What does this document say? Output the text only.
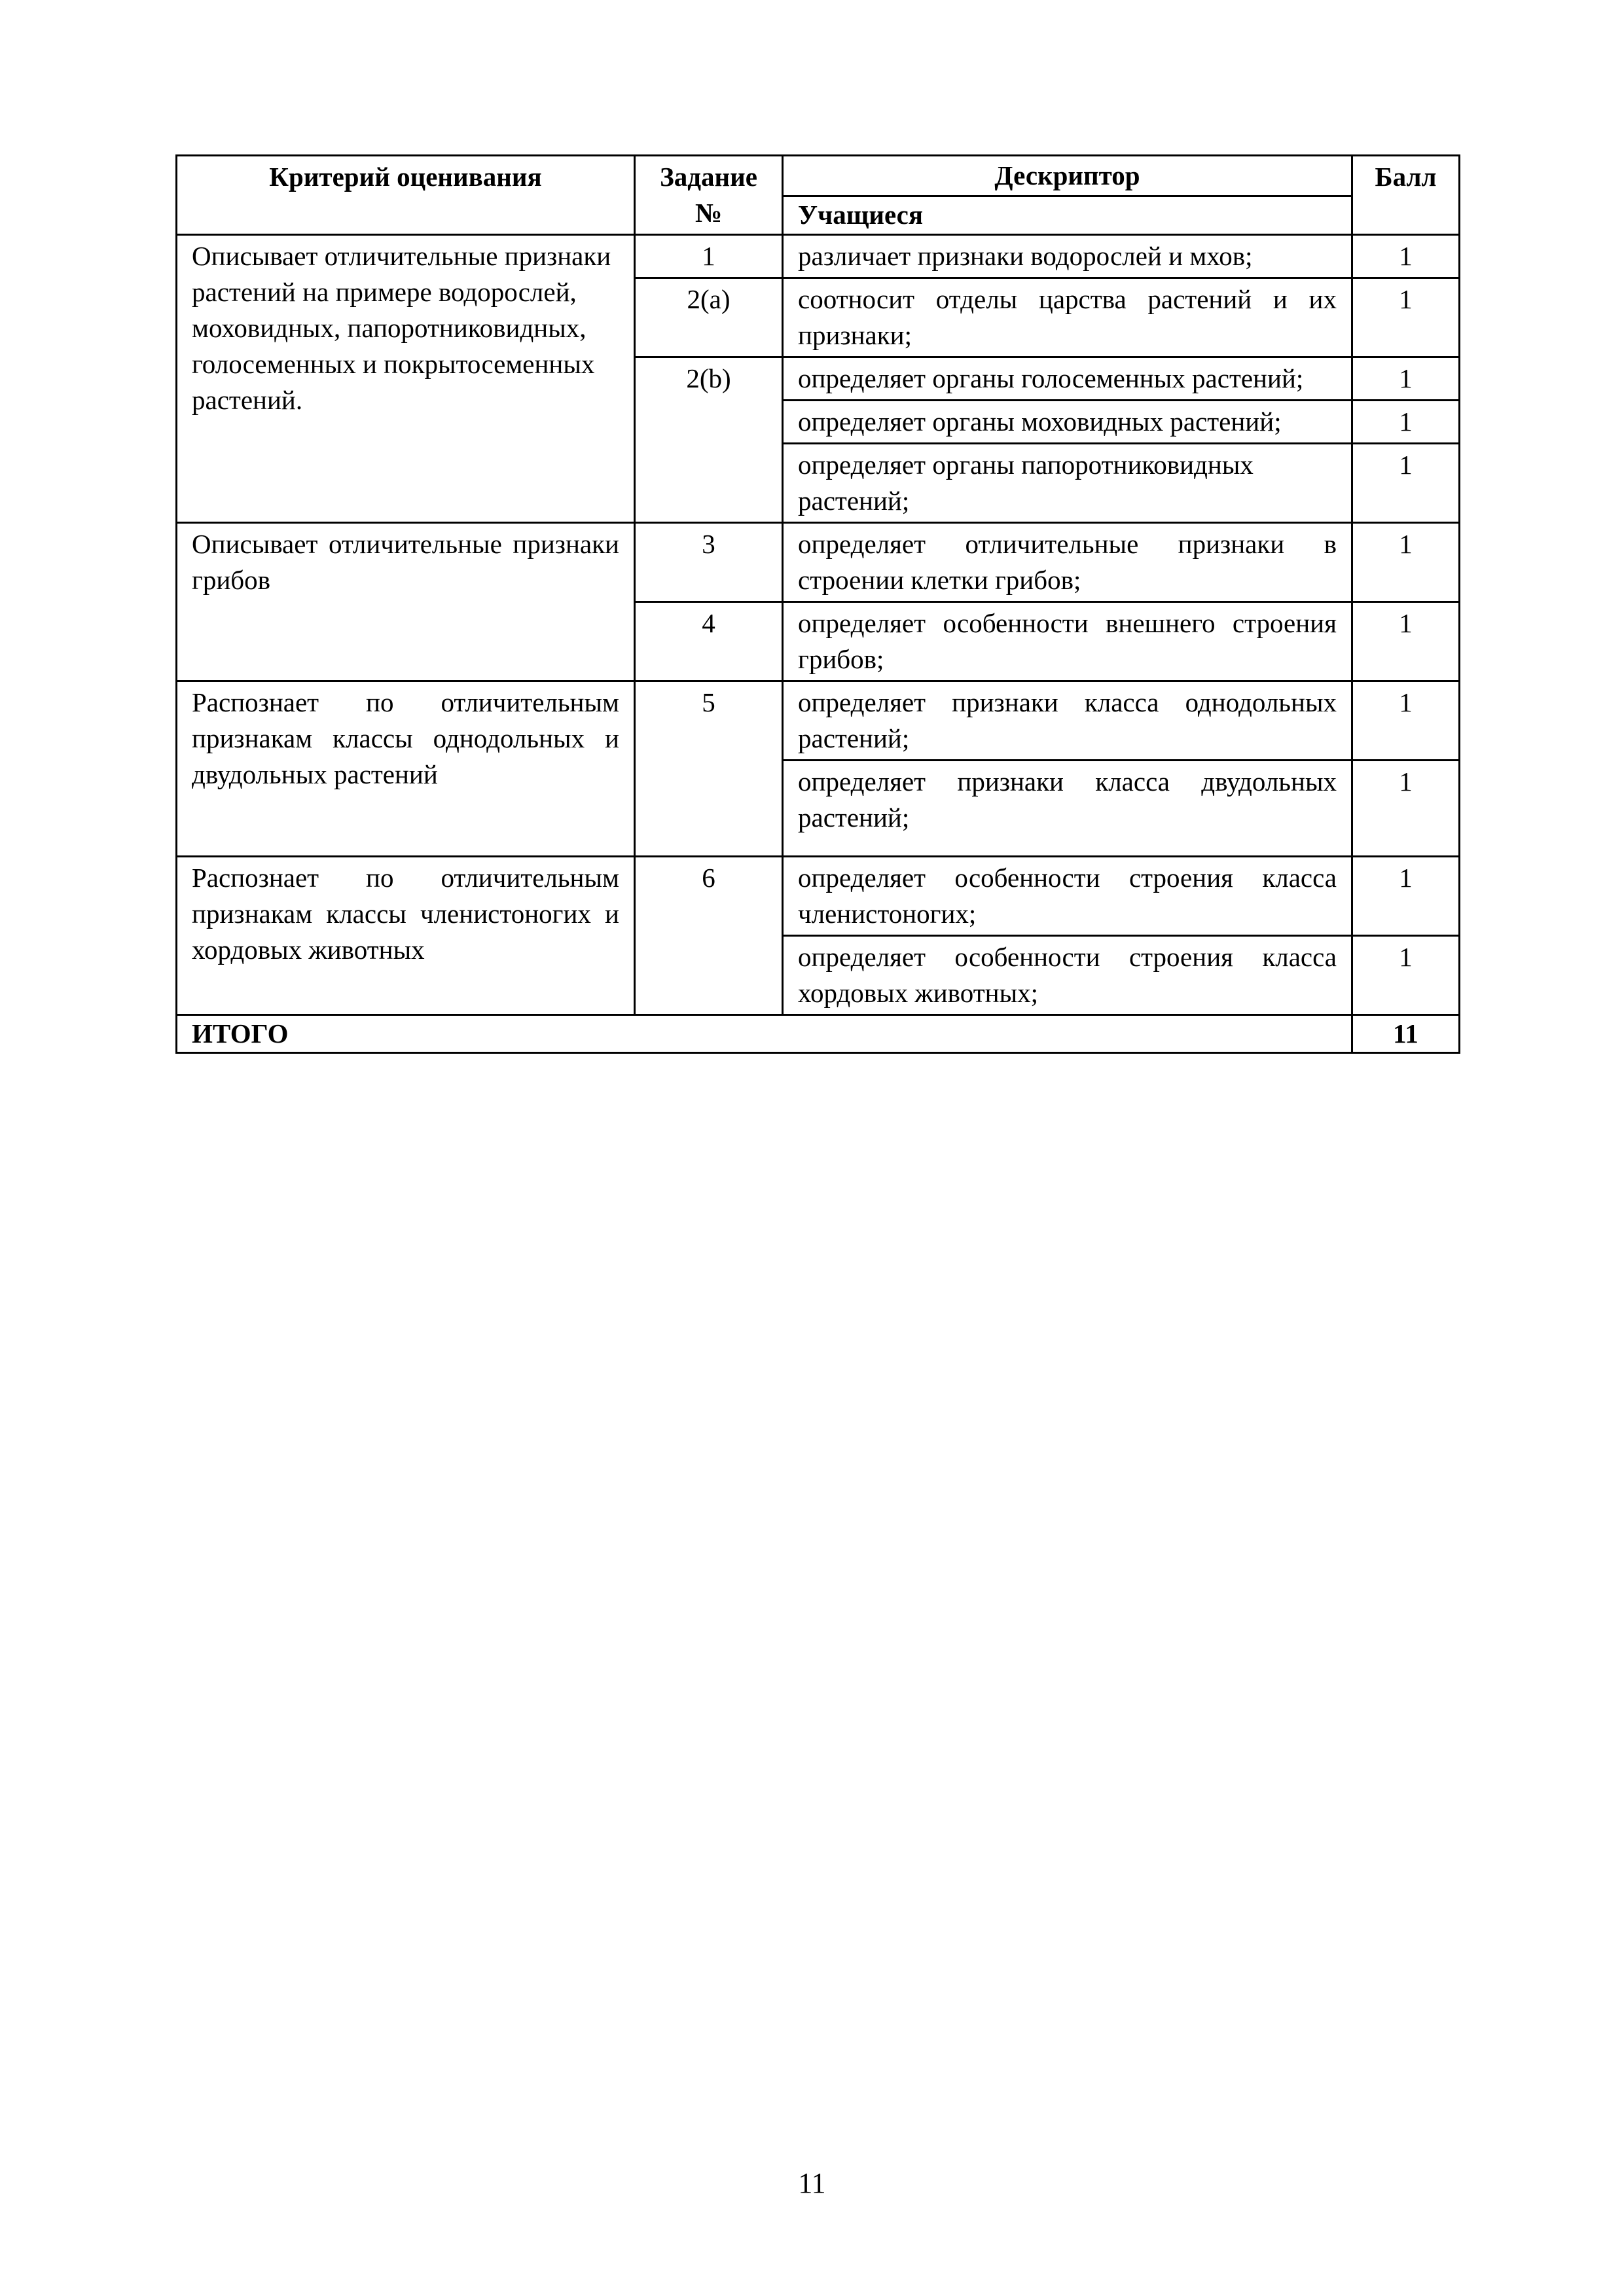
Критерий оценивания	Задание №	Дескриптор	Балл
		Учащиеся	
Описывает отличительные признаки растений на примере водорослей, моховидных, папоротниковидных, голосеменных и покрытосеменных растений.	1	различает признаки водорослей и мхов;	1
	2(a)	соотносит отделы царства растений и их признаки;	1
	2(b)	определяет органы голосеменных растений;	1
		определяет органы моховидных растений;	1
		определяет органы папоротниковидных растений;	1
Описывает отличительные признаки грибов	3	определяет отличительные признаки в строении клетки грибов;	1
	4	определяет особенности внешнего строения грибов;	1
Распознает по отличительным признакам классы однодольных и двудольных растений	5	определяет признаки класса однодольных растений;	1
		определяет признаки класса двудольных растений;	1
Распознает по отличительным признакам классы членистоногих и хордовых животных	6	определяет особенности строения класса членистоногих;	1
		определяет особенности строения класса хордовых животных;	1
ИТОГО			11
11
